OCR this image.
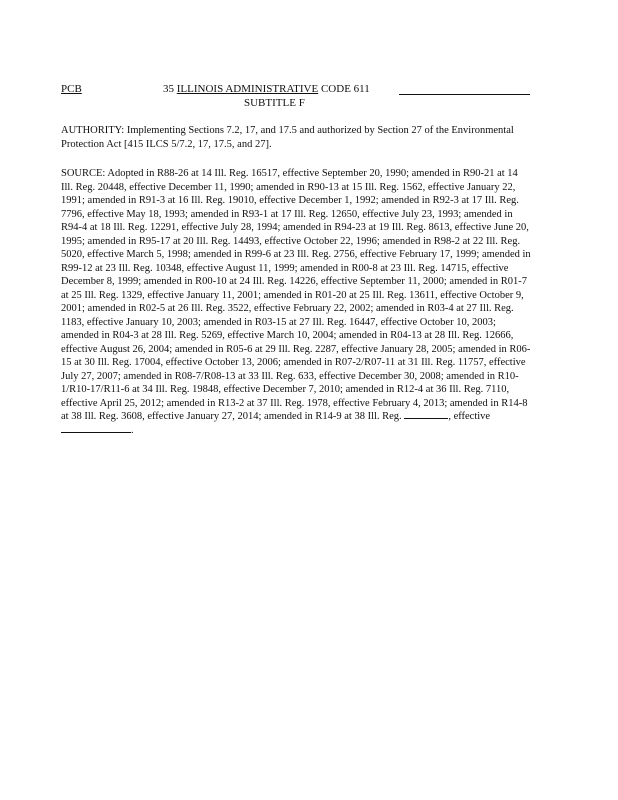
PCB	35 ILLINOIS ADMINISTRATIVE CODE 611
SUBTITLE F
AUTHORITY: Implementing Sections 7.2, 17, and 17.5 and authorized by Section 27 of the Environmental Protection Act [415 ILCS 5/7.2, 17, 17.5, and 27].
SOURCE: Adopted in R88-26 at 14 Ill. Reg. 16517, effective September 20, 1990; amended in R90-21 at 14 Ill. Reg. 20448, effective December 11, 1990; amended in R90-13 at 15 Ill. Reg. 1562, effective January 22, 1991; amended in R91-3 at 16 Ill. Reg. 19010, effective December 1, 1992; amended in R92-3 at 17 Ill. Reg. 7796, effective May 18, 1993; amended in R93-1 at 17 Ill. Reg. 12650, effective July 23, 1993; amended in R94-4 at 18 Ill. Reg. 12291, effective July 28, 1994; amended in R94-23 at 19 Ill. Reg. 8613, effective June 20, 1995; amended in R95-17 at 20 Ill. Reg. 14493, effective October 22, 1996; amended in R98-2 at 22 Ill. Reg. 5020, effective March 5, 1998; amended in R99-6 at 23 Ill. Reg. 2756, effective February 17, 1999; amended in R99-12 at 23 Ill. Reg. 10348, effective August 11, 1999; amended in R00-8 at 23 Ill. Reg. 14715, effective December 8, 1999; amended in R00-10 at 24 Ill. Reg. 14226, effective September 11, 2000; amended in R01-7 at 25 Ill. Reg. 1329, effective January 11, 2001; amended in R01-20 at 25 Ill. Reg. 13611, effective October 9, 2001; amended in R02-5 at 26 Ill. Reg. 3522, effective February 22, 2002; amended in R03-4 at 27 Ill. Reg. 1183, effective January 10, 2003; amended in R03-15 at 27 Ill. Reg. 16447, effective October 10, 2003; amended in R04-3 at 28 Ill. Reg. 5269, effective March 10, 2004; amended in R04-13 at 28 Ill. Reg. 12666, effective August 26, 2004; amended in R05-6 at 29 Ill. Reg. 2287, effective January 28, 2005; amended in R06-15 at 30 Ill. Reg. 17004, effective October 13, 2006; amended in R07-2/R07-11 at 31 Ill. Reg. 11757, effective July 27, 2007; amended in R08-7/R08-13 at 33 Ill. Reg. 633, effective December 30, 2008; amended in R10-1/R10-17/R11-6 at 34 Ill. Reg. 19848, effective December 7, 2010; amended in R12-4 at 36 Ill. Reg. 7110, effective April 25, 2012; amended in R13-2 at 37 Ill. Reg. 1978, effective February 4, 2013; amended in R14-8 at 38 Ill. Reg. 3608, effective January 27, 2014; amended in R14-9 at 38 Ill. Reg.	, effective .
